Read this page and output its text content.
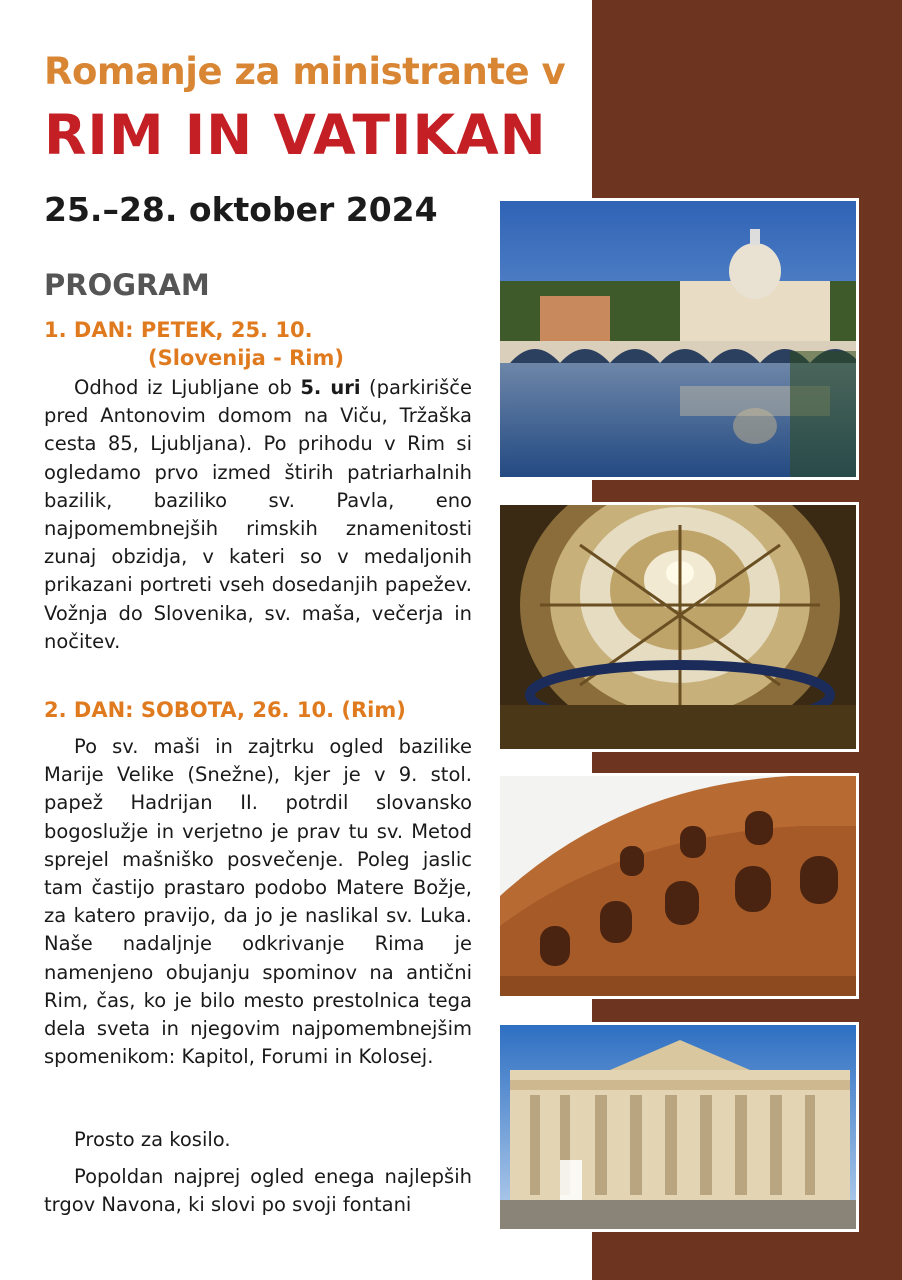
Romanje za ministrante v
RIM IN VATIKAN
25.–28. oktober 2024
PROGRAM
1. DAN: PETEK, 25. 10.
(Slovenija - Rim)

Odhod iz Ljubljane ob 5. uri (parkirišče pred Antonovim domom na Viču, Tržaška cesta 85, Ljubljana). Po prihodu v Rim si ogledamo prvo izmed štirih patriarhalnih bazilik, baziliko sv. Pavla, eno najpomembnejših rimskih znamenitosti zunaj obzidja, v kateri so v medaljonih prikazani portreti vseh dosedanjih papežev. Vožnja do Slovenika, sv. maša, večerja in nočitev.

2. DAN: SOBOTA, 26. 10. (Rim)

Po sv. maši in zajtrku ogled bazilike Marije Velike (Snežne), kjer je v 9. stol. papež Hadrijan II. potrdil slovansko bogoslužje in verjetno je prav tu sv. Metod sprejel mašniško posvečenje. Poleg jaslic tam častijo prastaro podobo Matere Božje, za katero pravijo, da jo je naslikal sv. Luka. Naše nadaljnje odkrivanje Rima je namenjeno obujanju spominov na antični Rim, čas, ko je bilo mesto prestolnica tega dela sveta in njegovim najpomembnejšim spomenikom: Kapitol, Forumi in Kolosej.

Prosto za kosilo.

Popoldan najprej ogled enega najlepših trgov Navona, ki slovi po svoji fontani
